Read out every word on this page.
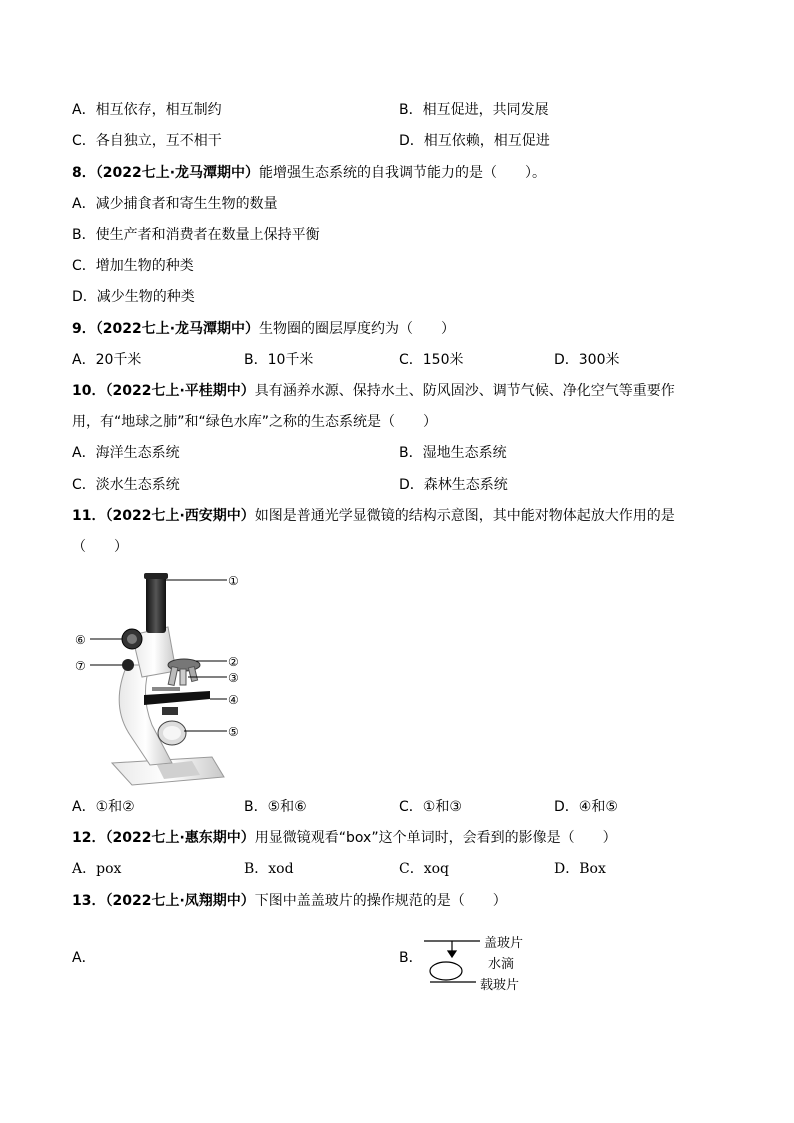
A．相互依存，相互制约	B．相互促进，共同发展
C．各自独立，互不相干	D．相互依赖，相互促进
8．（2022七上·龙马潭期中）能增强生态系统的自我调节能力的是（　　）。
A．减少捕食者和寄生生物的数量
B．使生产者和消费者在数量上保持平衡
C．增加生物的种类
D．减少生物的种类
9．（2022七上·龙马潭期中）生物圈的圈层厚度约为（　　）
A．20千米	B．10千米	C．150米	D．300米
10．（2022七上·平桂期中）具有涵养水源、保持水土、防风固沙、调节气候、净化空气等重要作
用，有“地球之肺”和“绿色水库”之称的生态系统是（　　）
A．海洋生态系统	B．湿地生态系统
C．淡水生态系统	D．森林生态系统
11．（2022七上·西安期中）如图是普通光学显微镜的结构示意图，其中能对物体起放大作用的是
（　　）
①
②
③
④
⑤
⑥
⑦
A．①和②	B．⑤和⑥	C．①和③	D．④和⑤
12．（2022七上·惠东期中）用显微镜观看“box”这个单词时，会看到的影像是（　　）
A．pox	B．xod	C．xoq	D．Box
13．（2022七上·凤翔期中）下图中盖盖玻片的操作规范的是（　　）
A．	B．
盖玻片
水滴
载玻片
